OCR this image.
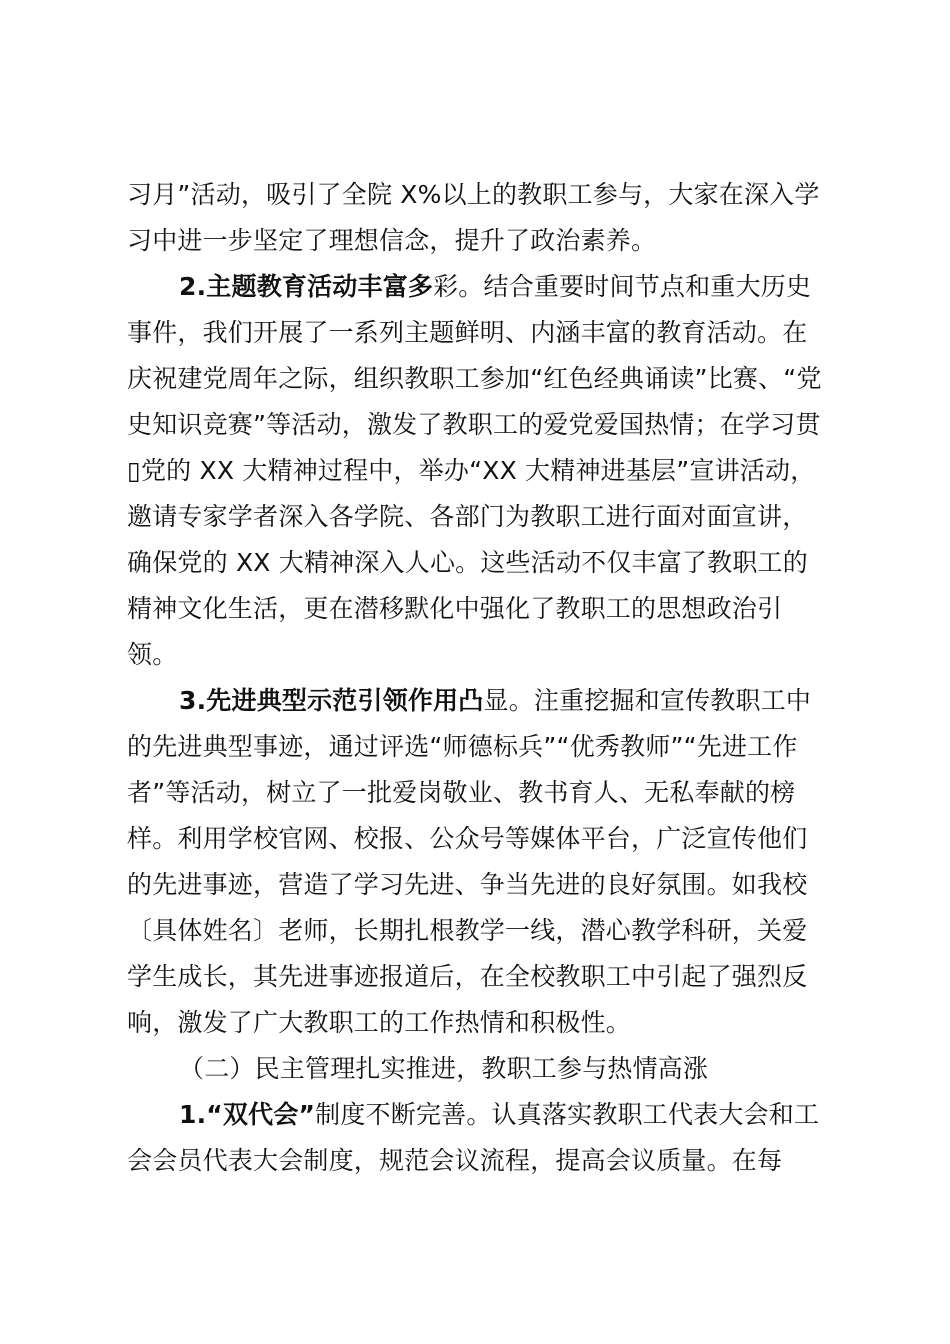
习月”活动，吸引了全院 X%以上的教职工参与，大家在深入学
习中进一步坚定了理想信念，提升了政治素养。
2.主题教育活动丰富多彩。结合重要时间节点和重大历史
事件，我们开展了一系列主题鲜明、内涵丰富的教育活动。在
庆祝建党周年之际，组织教职工参加“红色经典诵读”比赛、“党
史知识竞赛”等活动，激发了教职工的爱党爱国热情；在学习贯
▯党的 XX 大精神过程中，举办“XX 大精神进基层”宣讲活动，
邀请专家学者深入各学院、各部门为教职工进行面对面宣讲，
确保党的 XX 大精神深入人心。这些活动不仅丰富了教职工的
精神文化生活，更在潜移默化中强化了教职工的思想政治引
领。
3.先进典型示范引领作用凸显。注重挖掘和宣传教职工中
的先进典型事迹，通过评选“师德标兵”“优秀教师”“先进工作
者”等活动，树立了一批爱岗敬业、教书育人、无私奉献的榜
样。利用学校官网、校报、公众号等媒体平台，广泛宣传他们
的先进事迹，营造了学习先进、争当先进的良好氛围。如我校
〔具体姓名〕老师，长期扎根教学一线，潜心教学科研，关爱
学生成长，其先进事迹报道后，在全校教职工中引起了强烈反
响，激发了广大教职工的工作热情和积极性。
（二）民主管理扎实推进，教职工参与热情高涨
1.“双代会”制度不断完善。认真落实教职工代表大会和工
会会员代表大会制度，规范会议流程，提高会议质量。在每
